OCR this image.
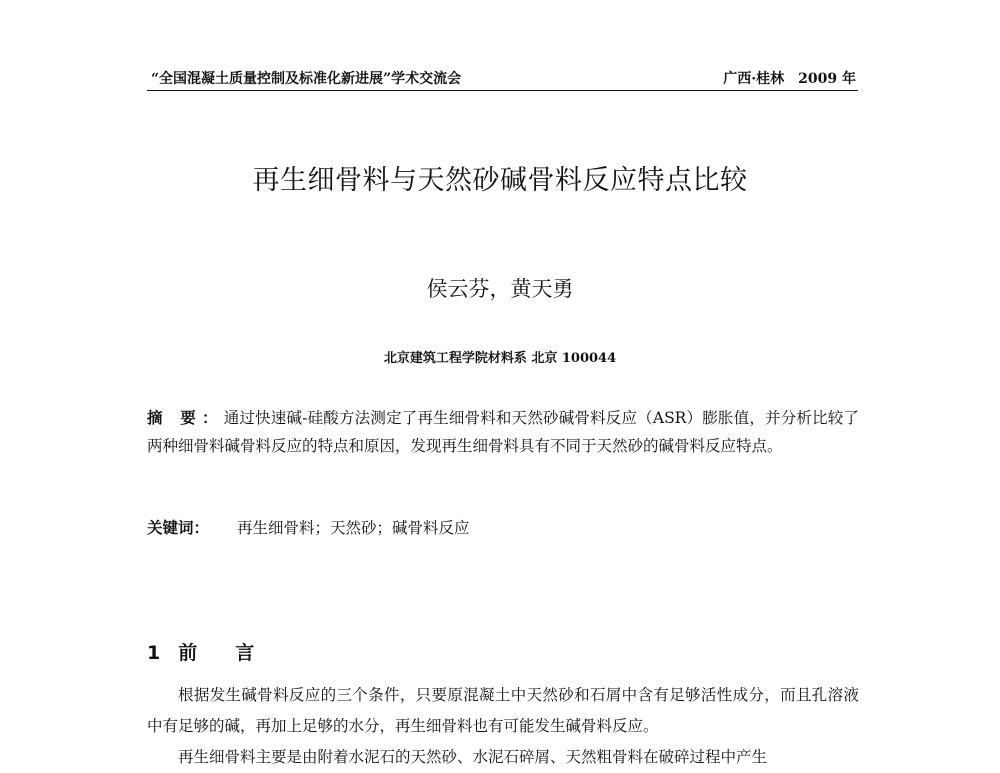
“全国混凝土质量控制及标准化新进展”学术交流会	广西·桂林　2009 年
再生细骨料与天然砂碱骨料反应特点比较
侯云芬，黄天勇
北京建筑工程学院材料系 北京 100044
摘 要：通过快速碱-硅酸方法测定了再生细骨料和天然砂碱骨料反应（ASR）膨胀值，并分析比较了两种细骨料碱骨料反应的特点和原因，发现再生细骨料具有不同于天然砂的碱骨料反应特点。
关键词： 再生细骨料；天然砂；碱骨料反应
1 前言

根据发生碱骨料反应的三个条件，只要原混凝土中天然砂和石屑中含有足够活性成分，而且孔溶液中有足够的碱，再加上足够的水分，再生细骨料也有可能发生碱骨料反应。

再生细骨料主要是由附着水泥石的天然砂、水泥石碎屑、天然粗骨料在破碎过程中产生
